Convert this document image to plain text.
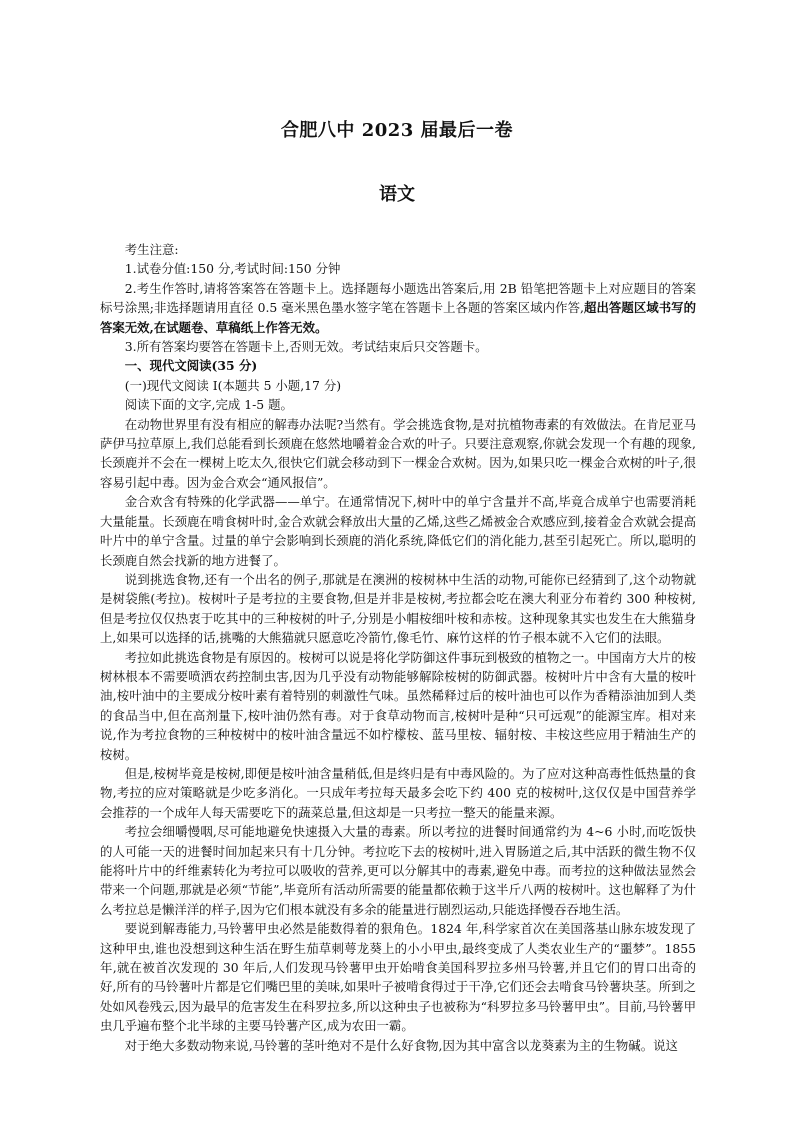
合肥八中 2023 届最后一卷
语文

考生注意:

1.试卷分值:150 分,考试时间:150 分钟

2.考生作答时,请将答案答在答题卡上。选择题每小题选出答案后,用 2B 铅笔把答题卡上对应题目的答案标号涂黑;非选择题请用直径 0.5 毫米黑色墨水签字笔在答题卡上各题的答案区域内作答,超出答题区域书写的答案无效,在试题卷、草稿纸上作答无效。

3.所有答案均要答在答题卡上,否则无效。考试结束后只交答题卡。

一、现代文阅读(35 分)

(一)现代文阅读 Ⅰ(本题共 5 小题,17 分)

阅读下面的文字,完成 1-5 题。

在动物世界里有没有相应的解毒办法呢?当然有。学会挑选食物,是对抗植物毒素的有效做法。在肯尼亚马萨伊马拉草原上,我们总能看到长颈鹿在悠然地嚼着金合欢的叶子。只要注意观察,你就会发现一个有趣的现象,长颈鹿并不会在一棵树上吃太久,很快它们就会移动到下一棵金合欢树。因为,如果只吃一棵金合欢树的叶子,很容易引起中毒。因为金合欢会“通风报信”。

金合欢含有特殊的化学武器——单宁。在通常情况下,树叶中的单宁含量并不高,毕竟合成单宁也需要消耗大量能量。长颈鹿在啃食树叶时,金合欢就会释放出大量的乙烯,这些乙烯被金合欢感应到,接着金合欢就会提高叶片中的单宁含量。过量的单宁会影响到长颈鹿的消化系统,降低它们的消化能力,甚至引起死亡。所以,聪明的长颈鹿自然会找新的地方进餐了。

说到挑选食物,还有一个出名的例子,那就是在澳洲的桉树林中生活的动物,可能你已经猜到了,这个动物就是树袋熊(考拉)。桉树叶子是考拉的主要食物,但是并非是桉树,考拉都会吃在澳大利亚分布着约 300 种桉树,但是考拉仅仅热衷于吃其中的三种桉树的叶子,分别是小帽桉细叶桉和赤桉。这种现象其实也发生在大熊猫身上,如果可以选择的话,挑嘴的大熊猫就只愿意吃冷箭竹,像毛竹、麻竹这样的竹子根本就不入它们的法眼。

考拉如此挑选食物是有原因的。桉树可以说是将化学防御这件事玩到极致的植物之一。中国南方大片的桉树林根本不需要喷洒农药控制虫害,因为几乎没有动物能够解除桉树的防御武器。桉树叶片中含有大量的桉叶油,桉叶油中的主要成分桉叶素有着特别的刺激性气味。虽然稀释过后的桉叶油也可以作为香精添油加到人类的食品当中,但在高剂量下,桉叶油仍然有毒。对于食草动物而言,桉树叶是种“只可远观”的能源宝库。相对来说,作为考拉食物的三种桉树中的桉叶油含量远不如柠檬桉、蓝马里桉、辐射桉、丰桉这些应用于精油生产的桉树。

但是,桉树毕竟是桉树,即便是桉叶油含量稍低,但是终归是有中毒风险的。为了应对这种高毒性低热量的食物,考拉的应对策略就是少吃多消化。一只成年考拉每天最多会吃下约 400 克的桉树叶,这仅仅是中国营养学会推荐的一个成年人每天需要吃下的蔬菜总量,但这却是一只考拉一整天的能量来源。

考拉会细嚼慢咽,尽可能地避免快速摄入大量的毒素。所以考拉的进餐时间通常约为 4~6 小时,而吃饭快的人可能一天的进餐时间加起来只有十几分钟。考拉吃下去的桉树叶,进入胃肠道之后,其中活跃的微生物不仅能将叶片中的纤维素转化为考拉可以吸收的营养,更可以分解其中的毒素,避免中毒。而考拉的这种做法显然会带来一个问题,那就是必须“节能”,毕竟所有活动所需要的能量都依赖于这半斤八两的桉树叶。这也解释了为什么考拉总是懒洋洋的样子,因为它们根本就没有多余的能量进行剧烈运动,只能选择慢吞吞地生活。

要说到解毒能力,马铃薯甲虫必然是能数得着的狠角色。1824 年,科学家首次在美国落基山脉东坡发现了这种甲虫,谁也没想到这种生活在野生茄草刺萼龙葵上的小小甲虫,最终变成了人类农业生产的“噩梦”。1855 年,就在被首次发现的 30 年后,人们发现马铃薯甲虫开始啃食美国科罗拉多州马铃薯,并且它们的胃口出奇的好,所有的马铃薯叶片都是它们嘴巴里的美味,如果叶子被啃食得过于干净,它们还会去啃食马铃薯块茎。所到之处如风卷残云,因为最早的危害发生在科罗拉多,所以这种虫子也被称为“科罗拉多马铃薯甲虫”。目前,马铃薯甲虫几乎遍布整个北半球的主要马铃薯产区,成为农田一霸。

对于绝大多数动物来说,马铃薯的茎叶绝对不是什么好食物,因为其中富含以龙葵素为主的生物碱。说这
